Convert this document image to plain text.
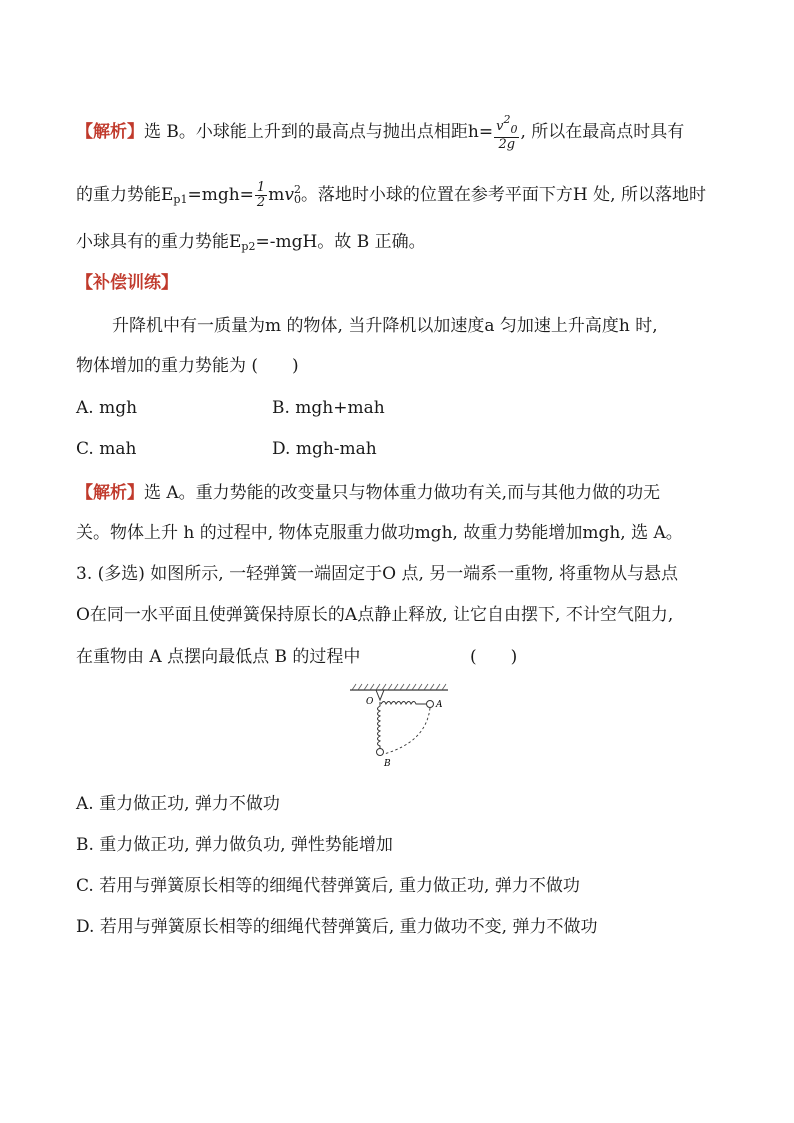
【解析】选 B。小球能上升到的最高点与抛出点相距$h= \frac{v^2_0}{2g}$ , 所以在最高点时具有
的重力势能$E_{p1}=mgh= \frac{1}{2} mv^2_0$。落地时小球的位置在参考平面下方H 处, 所以落地时
小球具有的重力势能$E_{p2}=$-mgH。故 B 正确。
【补偿训练】
升降机中有一质量为m 的物体, 当升降机以加速度a 匀加速上升高度h 时,
物体增加的重力势能为 (　　)
A. mgh	B. mgh+mah
C. mah	D. mgh-mah
【解析】选 A。重力势能的改变量只与物体重力做功有关,而与其他力做的功无
关。物体上升 h 的过程中, 物体克服重力做功mgh, 故重力势能增加mgh, 选 A。
3. (多选) 如图所示, 一轻弹簧一端固定于O 点, 另一端系一重物, 将重物从与悬点
O在同一水平面且使弹簧保持原长的A点静止释放, 让它自由摆下, 不计空气阻力,
在重物由 A 点摆向最低点 B 的过程中	(　　)
O	A
B
A. 重力做正功, 弹力不做功
B. 重力做正功, 弹力做负功, 弹性势能增加
C. 若用与弹簧原长相等的细绳代替弹簧后, 重力做正功, 弹力不做功
D. 若用与弹簧原长相等的细绳代替弹簧后, 重力做功不变, 弹力不做功
